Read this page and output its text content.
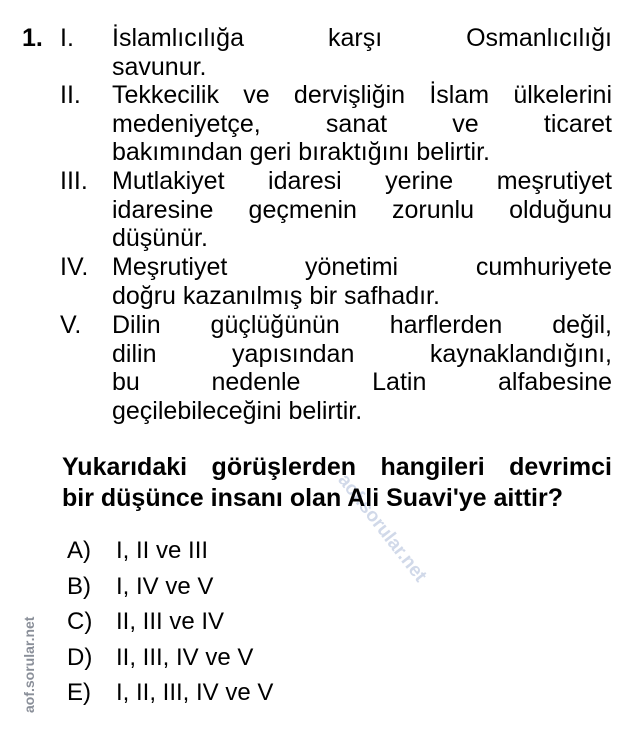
1. I. İslamlıcılığa karşı Osmanlıcılığı
savunur.
II. Tekkecilik ve dervişliğin İslam ülkelerini
medeniyetçe, sanat ve ticaret
bakımından geri bıraktığını belirtir.
III. Mutlakiyet idaresi yerine meşrutiyet
idaresine geçmenin zorunlu olduğunu
düşünür.
IV. Meşrutiyet yönetimi cumhuriyete
doğru kazanılmış bir safhadır.
V. Dilin güçlüğünün harflerden değil,
dilin yapısından kaynaklandığını,
bu nedenle Latin alfabesine
geçilebileceğini belirtir.
aof.sorular.net
Yukarıdaki görüşlerden hangileri devrimci
bir düşünce insanı olan Ali Suavi'ye aittir?
A) I, II ve III
B) I, IV ve V
C) II, III ve IV
D) II, III, IV ve V
E) I, II, III, IV ve V
aof.sorular.net
